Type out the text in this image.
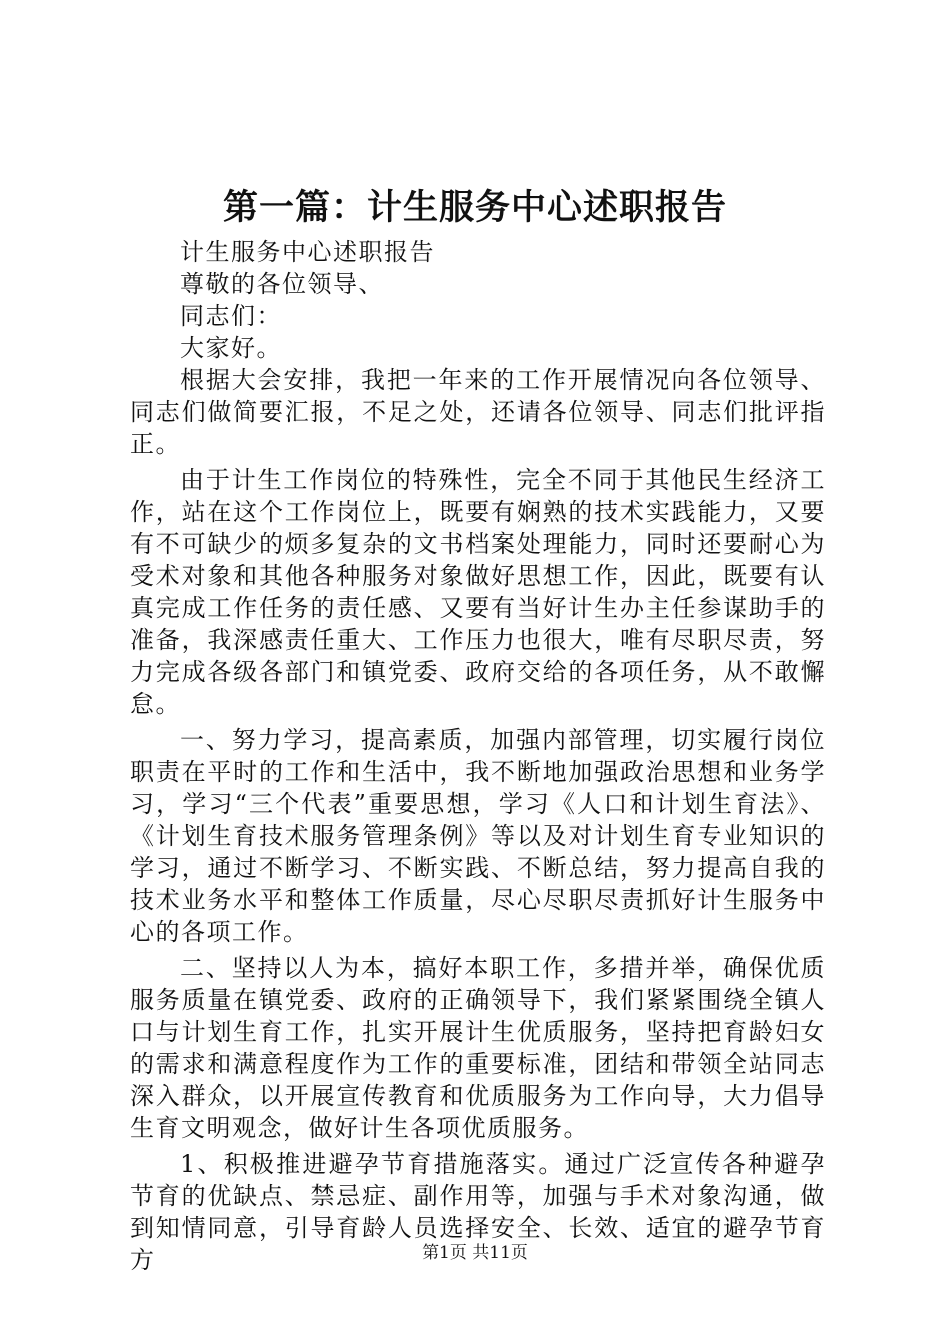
第一篇：计生服务中心述职报告

计生服务中心述职报告

尊敬的各位领导、

同志们：

大家好。

根据大会安排，我把一年来的工作开展情况向各位领导、同志们做简要汇报，不足之处，还请各位领导、同志们批评指正。

由于计生工作岗位的特殊性，完全不同于其他民生经济工作，站在这个工作岗位上，既要有娴熟的技术实践能力，又要有不可缺少的烦多复杂的文书档案处理能力，同时还要耐心为受术对象和其他各种服务对象做好思想工作，因此，既要有认真完成工作任务的责任感、又要有当好计生办主任参谋助手的准备，我深感责任重大、工作压力也很大，唯有尽职尽责，努力完成各级各部门和镇党委、政府交给的各项任务，从不敢懈怠。

一、努力学习，提高素质，加强内部管理，切实履行岗位职责在平时的工作和生活中，我不断地加强政治思想和业务学习，学习“三个代表”重要思想，学习《人口和计划生育法》、《计划生育技术服务管理条例》等以及对计划生育专业知识的学习，通过不断学习、不断实践、不断总结，努力提高自我的技术业务水平和整体工作质量，尽心尽职尽责抓好计生服务中心的各项工作。

二、坚持以人为本，搞好本职工作，多措并举，确保优质服务质量在镇党委、政府的正确领导下，我们紧紧围绕全镇人口与计划生育工作，扎实开展计生优质服务，坚持把育龄妇女的需求和满意程度作为工作的重要标准，团结和带领全站同志深入群众，以开展宣传教育和优质服务为工作向导，大力倡导生育文明观念，做好计生各项优质服务。

1、积极推进避孕节育措施落实。通过广泛宣传各种避孕节育的优缺点、禁忌症、副作用等，加强与手术对象沟通，做到知情同意，引导育龄人员选择安全、长效、适宜的避孕节育方	第1页 共11页
